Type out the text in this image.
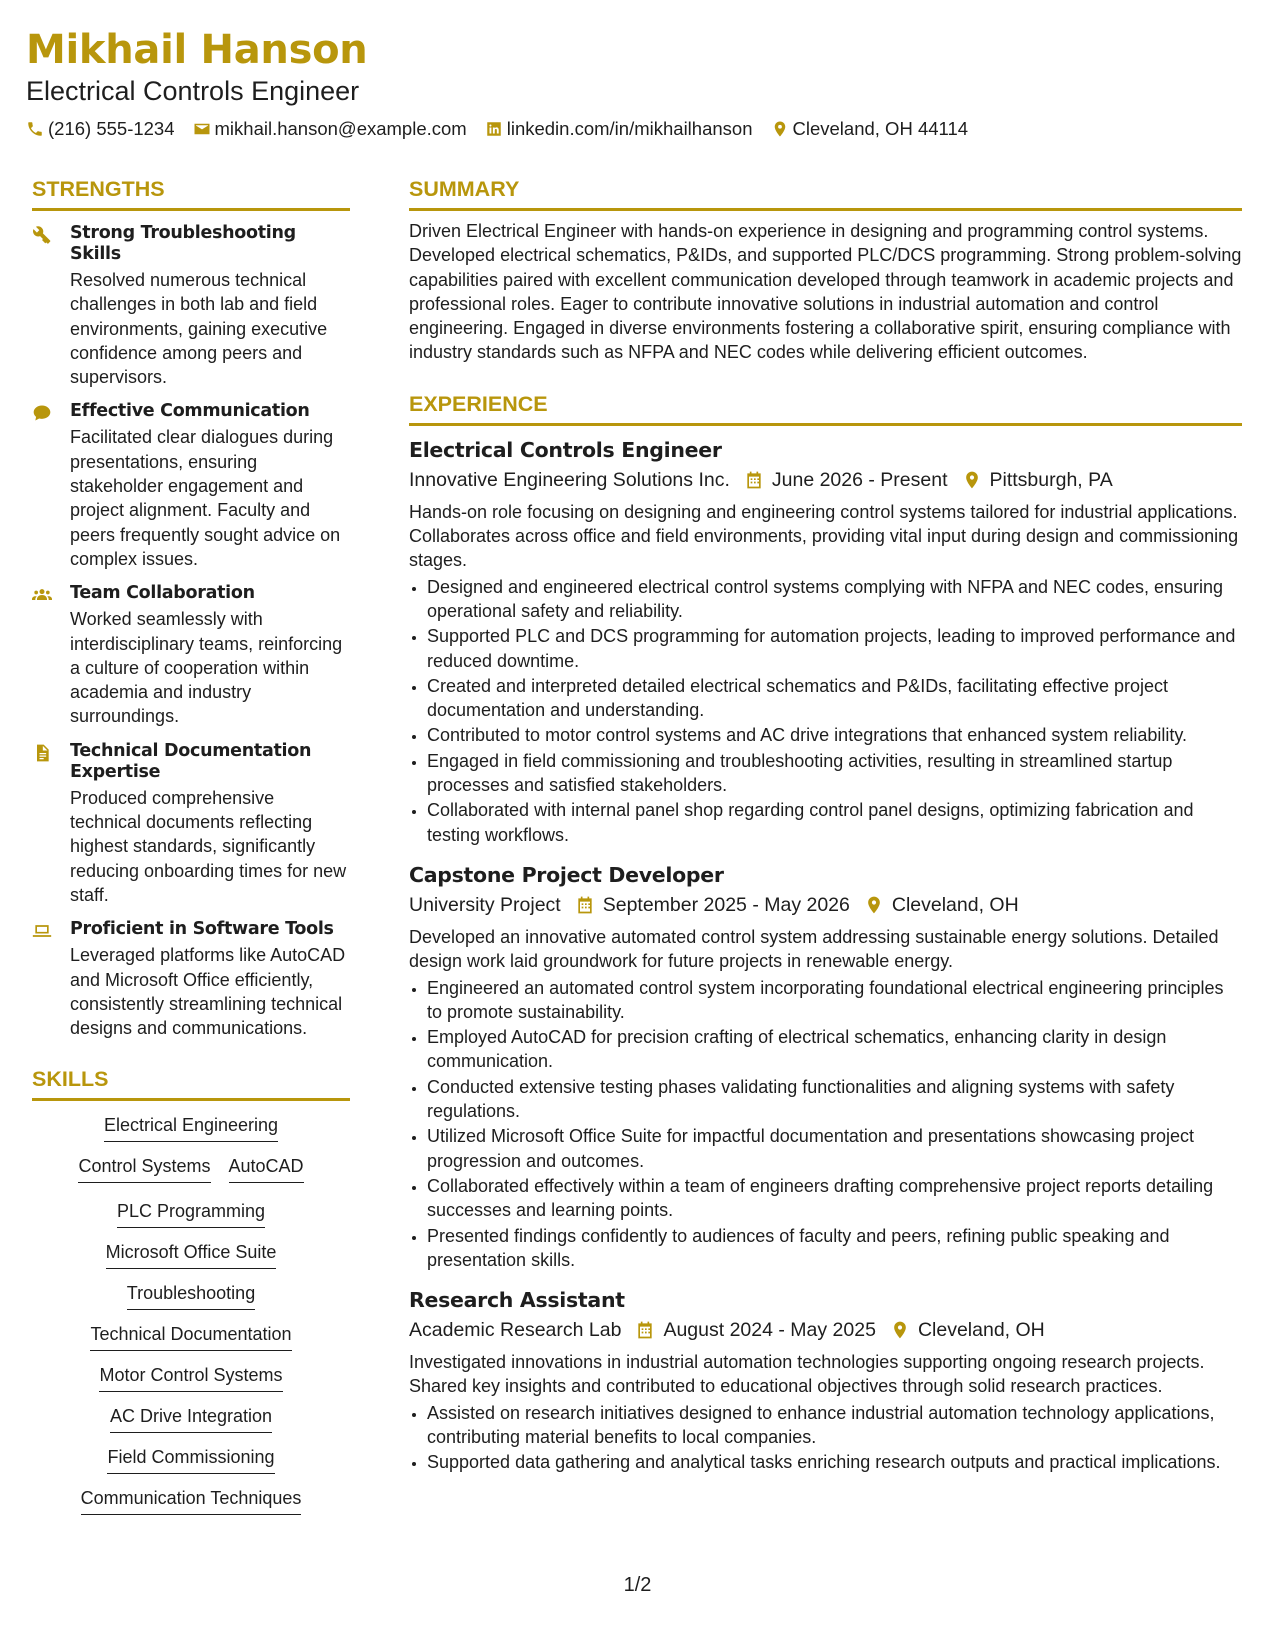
Mikhail Hanson
Electrical Controls Engineer
(216) 555-1234 mikhail.hanson@example.com linkedin.com/in/mikhailhanson Cleveland, OH 44114
STRENGTHS
Strong Troubleshooting Skills
Resolved numerous technical challenges in both lab and field environments, gaining executive confidence among peers and supervisors.
Effective Communication
Facilitated clear dialogues during presentations, ensuring stakeholder engagement and project alignment. Faculty and peers frequently sought advice on complex issues.
Team Collaboration
Worked seamlessly with interdisciplinary teams, reinforcing a culture of cooperation within academia and industry surroundings.
Technical Documentation Expertise
Produced comprehensive technical documents reflecting highest standards, significantly reducing onboarding times for new staff.
Proficient in Software Tools
Leveraged platforms like AutoCAD and Microsoft Office efficiently, consistently streamlining technical designs and communications.
SKILLS
Electrical Engineering
Control Systems AutoCAD
PLC Programming
Microsoft Office Suite
Troubleshooting
Technical Documentation
Motor Control Systems
AC Drive Integration
Field Commissioning
Communication Techniques
SUMMARY
Driven Electrical Engineer with hands-on experience in designing and programming control systems. Developed electrical schematics, P&IDs, and supported PLC/DCS programming. Strong problem-solving capabilities paired with excellent communication developed through teamwork in academic projects and professional roles. Eager to contribute innovative solutions in industrial automation and control engineering. Engaged in diverse environments fostering a collaborative spirit, ensuring compliance with industry standards such as NFPA and NEC codes while delivering efficient outcomes.
EXPERIENCE
Electrical Controls Engineer
Innovative Engineering Solutions Inc. June 2026 - Present Pittsburgh, PA
Hands-on role focusing on designing and engineering control systems tailored for industrial applications. Collaborates across office and field environments, providing vital input during design and commissioning stages.
• Designed and engineered electrical control systems complying with NFPA and NEC codes, ensuring operational safety and reliability.
• Supported PLC and DCS programming for automation projects, leading to improved performance and reduced downtime.
• Created and interpreted detailed electrical schematics and P&IDs, facilitating effective project documentation and understanding.
• Contributed to motor control systems and AC drive integrations that enhanced system reliability.
• Engaged in field commissioning and troubleshooting activities, resulting in streamlined startup processes and satisfied stakeholders.
• Collaborated with internal panel shop regarding control panel designs, optimizing fabrication and testing workflows.
Capstone Project Developer
University Project September 2025 - May 2026 Cleveland, OH
Developed an innovative automated control system addressing sustainable energy solutions. Detailed design work laid groundwork for future projects in renewable energy.
• Engineered an automated control system incorporating foundational electrical engineering principles to promote sustainability.
• Employed AutoCAD for precision crafting of electrical schematics, enhancing clarity in design communication.
• Conducted extensive testing phases validating functionalities and aligning systems with safety regulations.
• Utilized Microsoft Office Suite for impactful documentation and presentations showcasing project progression and outcomes.
• Collaborated effectively within a team of engineers drafting comprehensive project reports detailing successes and learning points.
• Presented findings confidently to audiences of faculty and peers, refining public speaking and presentation skills.
Research Assistant
Academic Research Lab August 2024 - May 2025 Cleveland, OH
Investigated innovations in industrial automation technologies supporting ongoing research projects. Shared key insights and contributed to educational objectives through solid research practices.
• Assisted on research initiatives designed to enhance industrial automation technology applications, contributing material benefits to local companies.
• Supported data gathering and analytical tasks enriching research outputs and practical implications.
1/2
